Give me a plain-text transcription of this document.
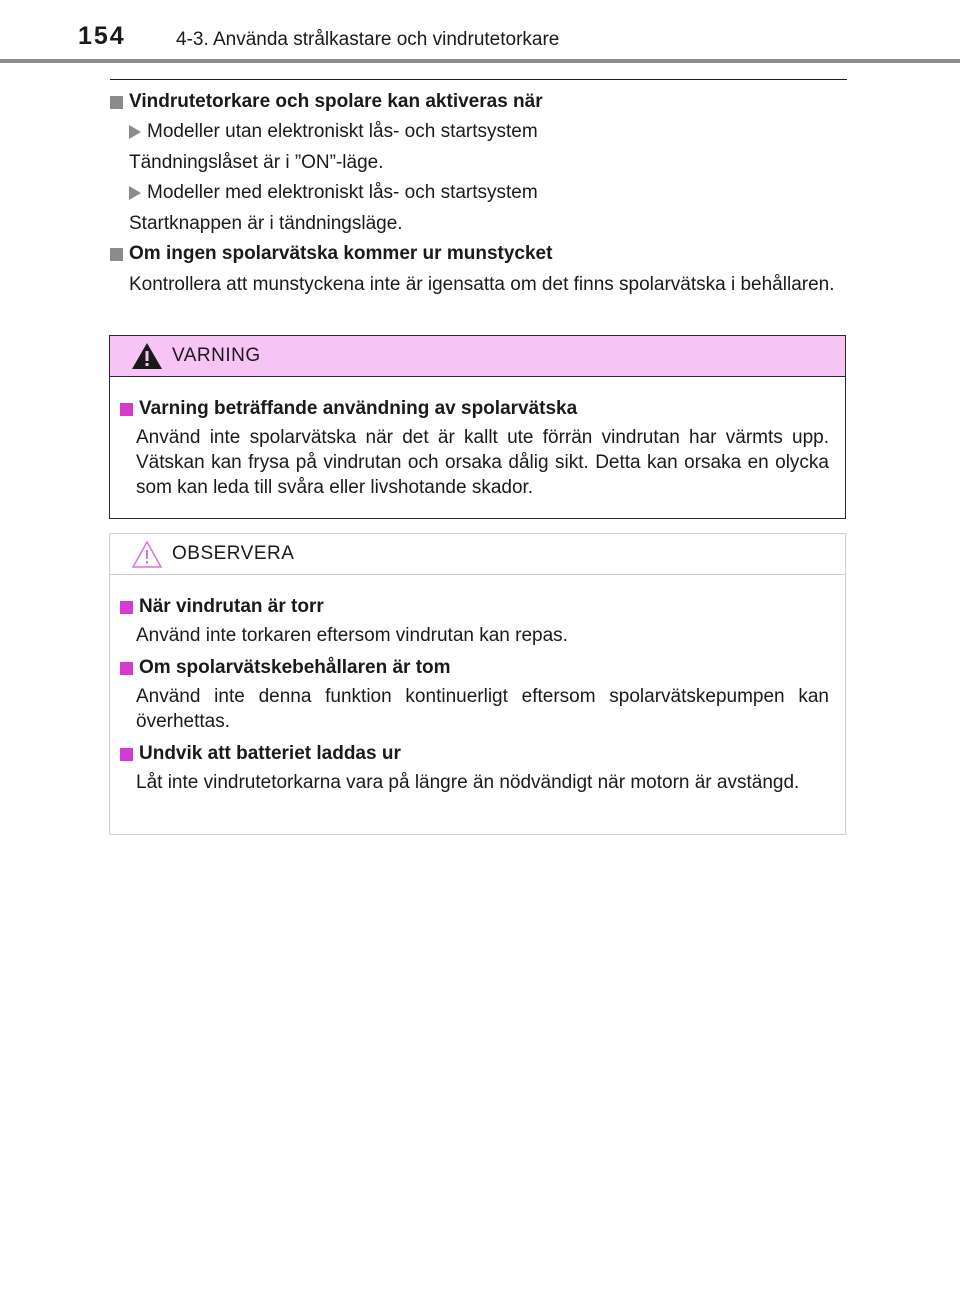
154	4-3. Använda strålkastare och vindrutetorkare
Vindrutetorkare och spolare kan aktiveras när
Modeller utan elektroniskt lås- och startsystem
Tändningslåset är i ”ON”-läge.
Modeller med elektroniskt lås- och startsystem
Startknappen är i tändningsläge.
Om ingen spolarvätska kommer ur munstycket
Kontrollera att munstyckena inte är igensatta om det finns spolarvätska i behållaren.
VARNING
Varning beträffande användning av spolarvätska
Använd inte spolarvätska när det är kallt ute förrän vindrutan har värmts upp. Vätskan kan frysa på vindrutan och orsaka dålig sikt. Detta kan orsaka en olycka som kan leda till svåra eller livshotande skador.
OBSERVERA
När vindrutan är torr
Använd inte torkaren eftersom vindrutan kan repas.
Om spolarvätskebehållaren är tom
Använd inte denna funktion kontinuerligt eftersom spolarvätskepumpen kan överhettas.
Undvik att batteriet laddas ur
Låt inte vindrutetorkarna vara på längre än nödvändigt när motorn är avstängd.
